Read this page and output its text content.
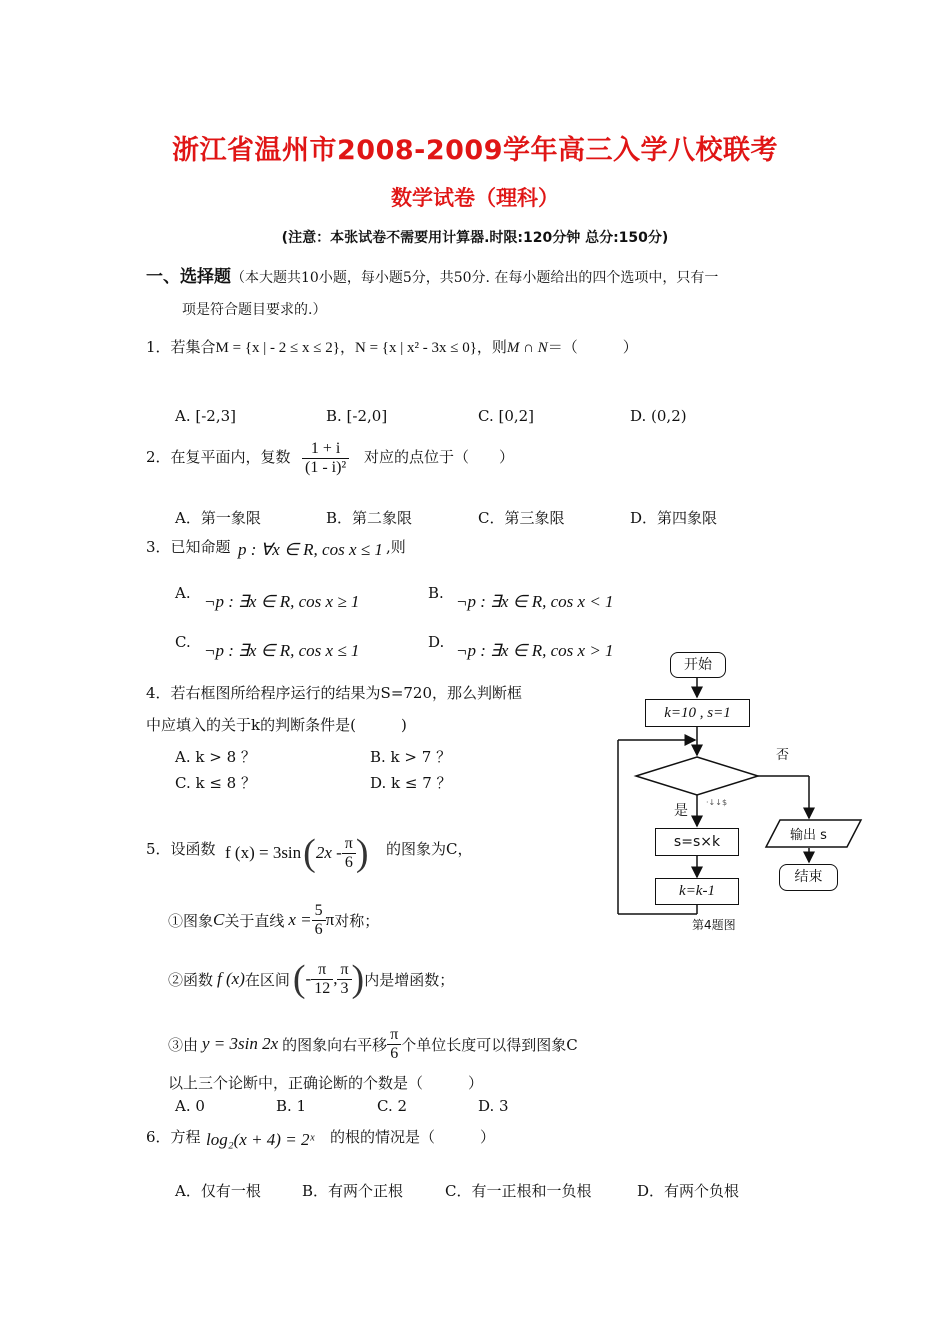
浙江省温州市2008-2009学年高三入学八校联考
数学试卷（理科）
(注意：本张试卷不需要用计算器.时限:120分钟 总分:150分)
一、选择题（本大题共10小题，每小题5分，共50分. 在每小题给出的四个选项中，只有一
项是符合题目要求的.）
1．若集合M = {x | - 2 ≤ x ≤ 2}，N = {x | x² - 3x ≤ 0}，则M ∩ N＝（　　　）
A. [-2,3]	B. [-2,0]	C. [0,2]	D. (0,2)
2．在复平面内，复数 $\frac{1 + i}{\text{(1 - i)²}}$ 对应的点位于（　　）
A．第一象限	B．第二象限	C．第三象限	D．第四象限
3．已知命题 p : ∀x ∈ R, cos x ≤ 1 ,则
A. ¬p : ∃x ∈ R, cos x ≥ 1	B. ¬p : ∃x ∈ R, cos x < 1
C. ¬p : ∃x ∈ R, cos x ≤ 1	D. ¬p : ∃x ∈ R, cos x > 1
4．若右框图所给程序运行的结果为S=720，那么判断框
中应填入的关于k的判断条件是(　　　)
A. k > 8 ？	B. k > 7 ？
C. k ≤ 8 ？	D. k ≤ 7 ？
·↓↓$
开始
k=10 , s=1
否
是
s=s×k
k=k-1
输出 s
结束
第4题图
5．设函数 f (x) = 3sin ( $2x - \frac{\pi}{6}$ ) 的图象为C，
①图象 C 关于直线 $x = \frac{5}{6}$ π 对称；
②函数 f (x) 在区间 ( - $\frac{\pi}{12}$ , $\frac{\pi}{3}$ ) 内是增函数；
③由 y = 3sin 2x 的图象向右平移 $\frac{\pi}{6}$ 个单位长度可以得到图象C
以上三个论断中，正确论断的个数是（　　　）
A. 0	B. 1	C. 2	D. 3
6．方程 log₂(x + 4) = 2ˣ 的根的情况是（　　　）
A．仅有一根	B．有两个正根	C．有一正根和一负根	D．有两个负根
